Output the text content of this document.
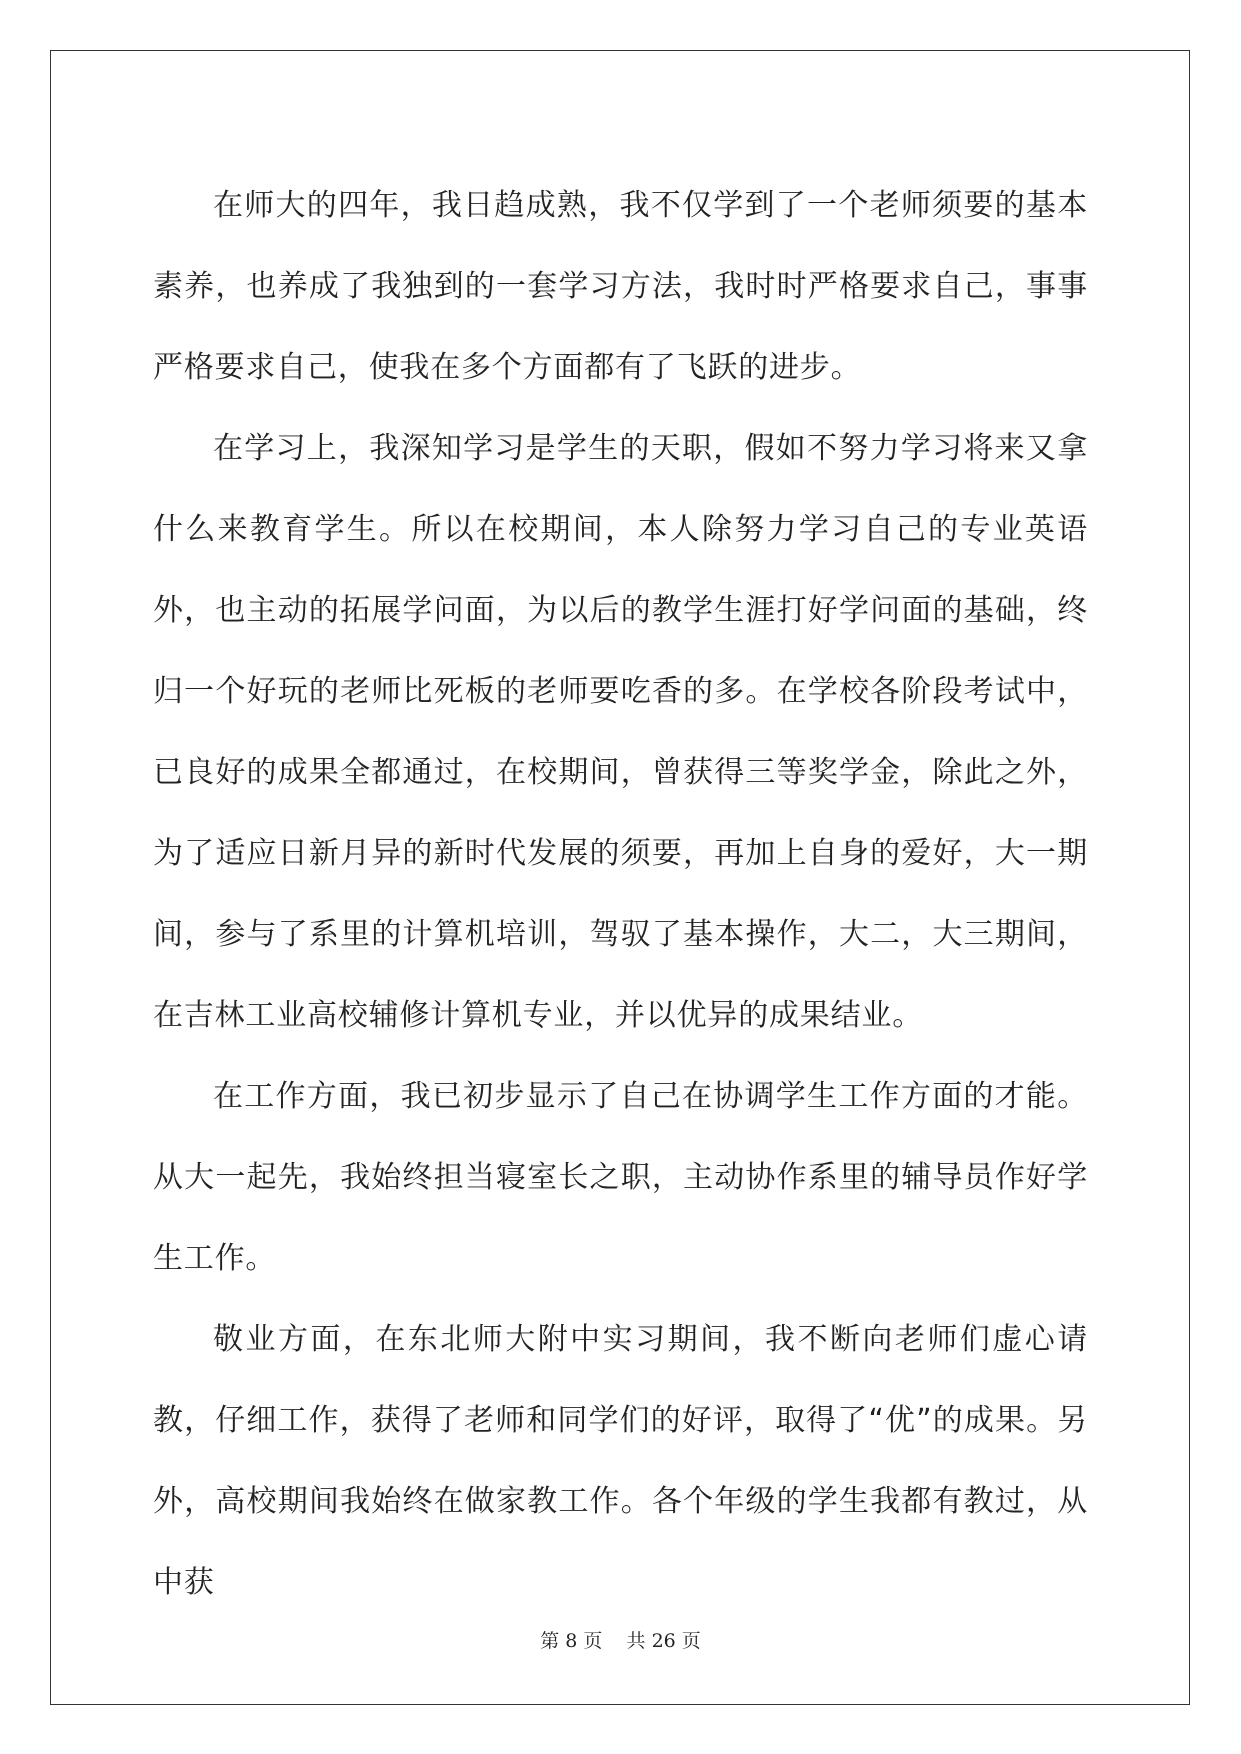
在师大的四年，我日趋成熟，我不仅学到了一个老师须要的基本素养，也养成了我独到的一套学习方法，我时时严格要求自己，事事严格要求自己，使我在多个方面都有了飞跃的进步。

在学习上，我深知学习是学生的天职，假如不努力学习将来又拿什么来教育学生。所以在校期间，本人除努力学习自己的专业英语外，也主动的拓展学问面，为以后的教学生涯打好学问面的基础，终归一个好玩的老师比死板的老师要吃香的多。在学校各阶段考试中，已良好的成果全都通过，在校期间，曾获得三等奖学金，除此之外，为了适应日新月异的新时代发展的须要，再加上自身的爱好，大一期间，参与了系里的计算机培训，驾驭了基本操作，大二，大三期间，在吉林工业高校辅修计算机专业，并以优异的成果结业。

在工作方面，我已初步显示了自己在协调学生工作方面的才能。从大一起先，我始终担当寝室长之职，主动协作系里的辅导员作好学生工作。

敬业方面，在东北师大附中实习期间，我不断向老师们虚心请教，仔细工作，获得了老师和同学们的好评，取得了“优”的成果。另外，高校期间我始终在做家教工作。各个年级的学生我都有教过，从中获

第 8 页 共 26 页
